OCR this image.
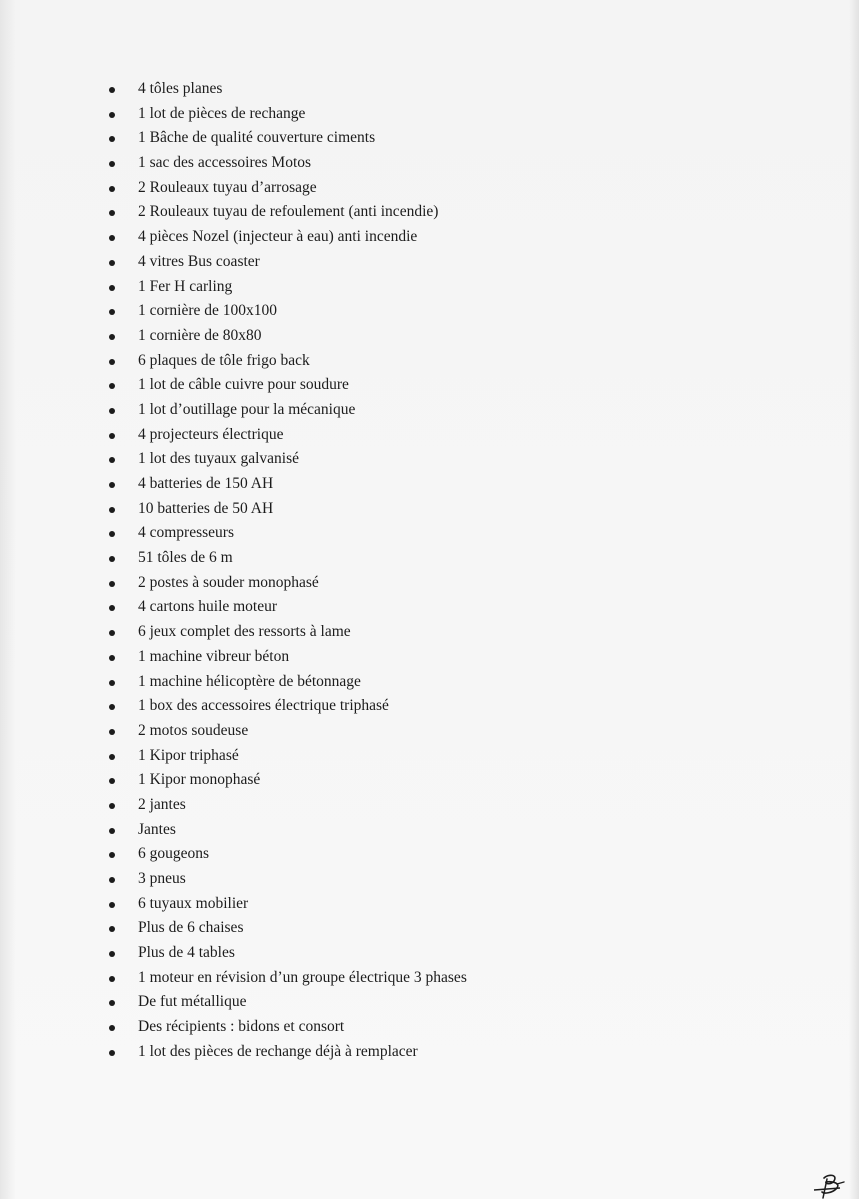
4 tôles planes
1 lot de pièces de rechange
1 Bâche de qualité couverture ciments
1 sac des accessoires Motos
2 Rouleaux tuyau d’arrosage
2 Rouleaux tuyau de refoulement (anti incendie)
4 pièces Nozel (injecteur à eau) anti incendie
4 vitres Bus coaster
1 Fer H carling
1 cornière de 100x100
1 cornière de 80x80
6 plaques de tôle frigo back
1 lot de câble cuivre pour soudure
1 lot d’outillage pour la mécanique
4 projecteurs électrique
1 lot des tuyaux galvanisé
4 batteries de 150 AH
10 batteries de 50 AH
4 compresseurs
51 tôles de 6 m
2 postes à souder monophasé
4 cartons huile moteur
6 jeux complet des ressorts à lame
1 machine vibreur béton
1 machine hélicoptère de bétonnage
1 box des accessoires électrique triphasé
2 motos soudeuse
1 Kipor triphasé
1 Kipor monophasé
2 jantes
Jantes
6 gougeons
3 pneus
6 tuyaux mobilier
Plus de 6 chaises
Plus de 4 tables
1 moteur en révision d’un groupe électrique 3 phases
De fut métallique
Des récipients : bidons et consort
1 lot des pièces de rechange déjà à remplacer
